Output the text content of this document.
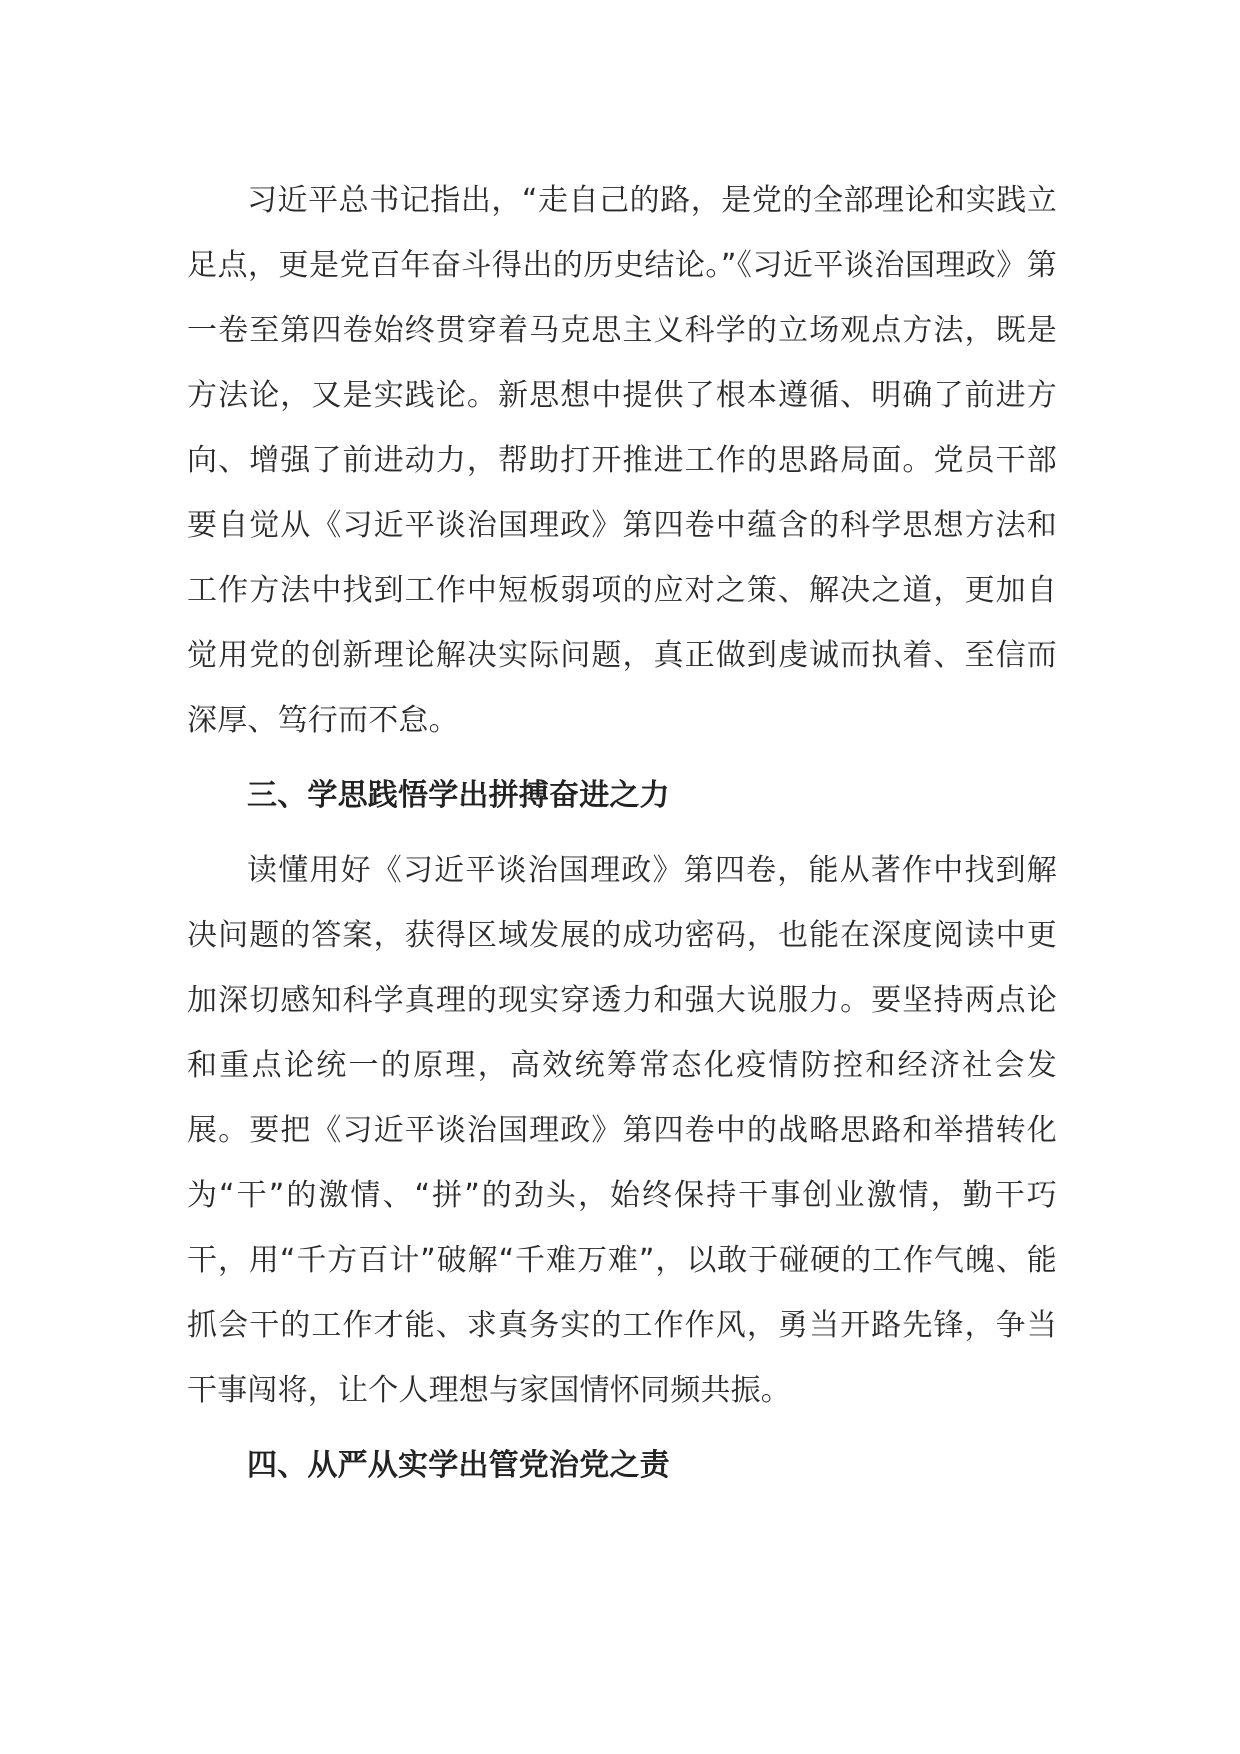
习近平总书记指出，“走自己的路，是党的全部理论和实践立足点，更是党百年奋斗得出的历史结论。”《习近平谈治国理政》第一卷至第四卷始终贯穿着马克思主义科学的立场观点方法，既是方法论，又是实践论。新思想中提供了根本遵循、明确了前进方向、增强了前进动力，帮助打开推进工作的思路局面。党员干部要自觉从《习近平谈治国理政》第四卷中蕴含的科学思想方法和工作方法中找到工作中短板弱项的应对之策、解决之道，更加自觉用党的创新理论解决实际问题，真正做到虔诚而执着、至信而深厚、笃行而不怠。

三、学思践悟学出拼搏奋进之力

读懂用好《习近平谈治国理政》第四卷，能从著作中找到解决问题的答案，获得区域发展的成功密码，也能在深度阅读中更加深切感知科学真理的现实穿透力和强大说服力。要坚持两点论和重点论统一的原理，高效统筹常态化疫情防控和经济社会发展。要把《习近平谈治国理政》第四卷中的战略思路和举措转化为“干”的激情、“拼”的劲头，始终保持干事创业激情，勤干巧干，用“千方百计”破解“千难万难”，以敢于碰硬的工作气魄、能抓会干的工作才能、求真务实的工作作风，勇当开路先锋，争当干事闯将，让个人理想与家国情怀同频共振。

四、从严从实学出管党治党之责
